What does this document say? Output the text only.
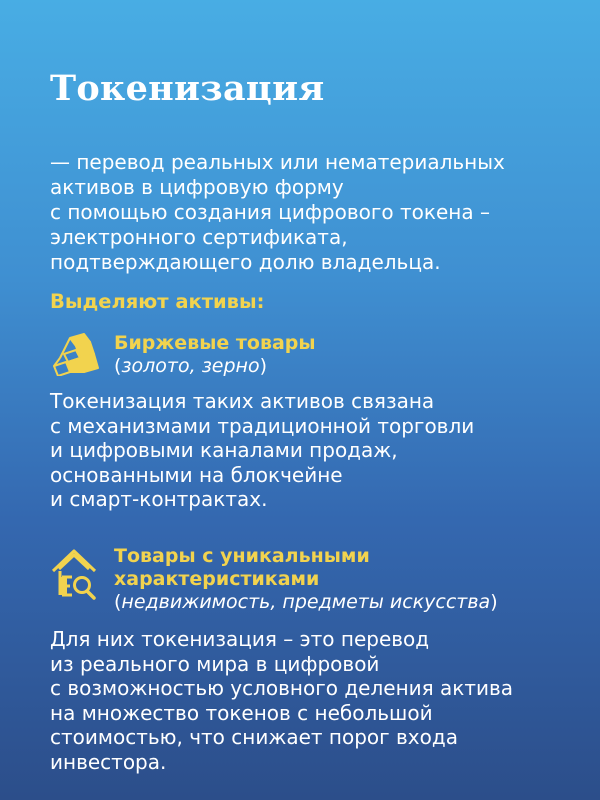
Токенизация
— перевод реальных или нематериальных
активов в цифровую форму
с помощью создания цифрового токена –
электронного сертификата,
подтверждающего долю владельца.
Выделяют активы:
Биржевые товары
(золото, зерно)
Токенизация таких активов связана
с механизмами традиционной торговли
и цифровыми каналами продаж,
основанными на блокчейне
и смарт-контрактах.
Товары с уникальными
характеристиками
(недвижимость, предметы искусства)
Для них токенизация – это перевод
из реального мира в цифровой
с возможностью условного деления актива
на множество токенов с небольшой
стоимостью, что снижает порог входа
инвестора.
